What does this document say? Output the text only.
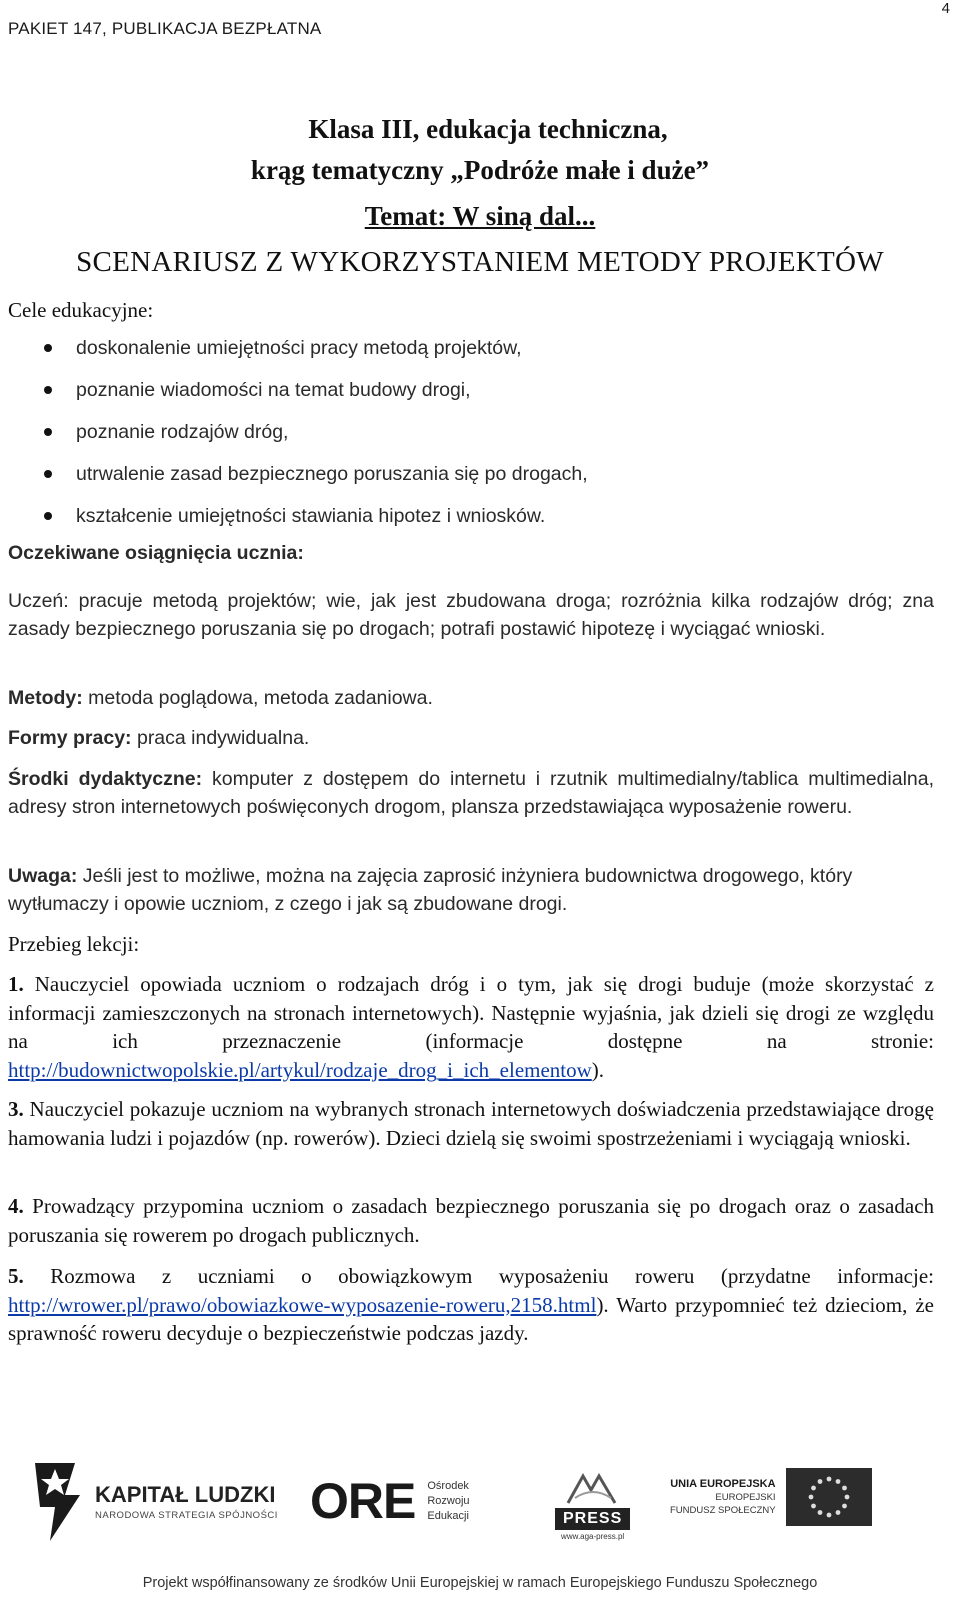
PAKIET 147, PUBLIKACJA BEZPŁATNA
4
Klasa III, edukacja techniczna,
krąg tematyczny „Podróże małe i duże”
Temat: W siną dal...
SCENARIUSZ Z WYKORZYSTANIEM METODY PROJEKTÓW
Cele edukacyjne:
doskonalenie umiejętności pracy metodą projektów,
poznanie wiadomości na temat budowy drogi,
poznanie rodzajów dróg,
utrwalenie zasad bezpiecznego poruszania się po drogach,
kształcenie umiejętności stawiania hipotez i wniosków.
Oczekiwane osiągnięcia ucznia:
Uczeń: pracuje metodą projektów; wie, jak jest zbudowana droga; rozróżnia kilka rodzajów dróg; zna zasady bezpiecznego poruszania się po drogach; potrafi postawić hipotezę i wyciągać wnioski.
Metody: metoda poglądowa, metoda zadaniowa.
Formy pracy: praca indywidualna.
Środki dydaktyczne: komputer z dostępem do internetu i rzutnik multimedialny/tablica multimedialna, adresy stron internetowych poświęconych drogom, plansza przedstawiająca wyposażenie roweru.
Uwaga: Jeśli jest to możliwe, można na zajęcia zaprosić inżyniera budownictwa drogowego, który wytłumaczy i opowie uczniom, z czego i jak są zbudowane drogi.
Przebieg lekcji:
1. Nauczyciel opowiada uczniom o rodzajach dróg i o tym, jak się drogi buduje (może skorzystać z informacji zamieszczonych na stronach internetowych). Następnie wyjaśnia, jak dzieli się drogi ze względu na ich przeznaczenie (informacje dostępne na stronie: http://budownictwopolskie.pl/artykul/rodzaje_drog_i_ich_elementow).
3. Nauczyciel pokazuje uczniom na wybranych stronach internetowych doświadczenia przedstawiające drogę hamowania ludzi i pojazdów (np. rowerów). Dzieci dzielą się swoimi spostrzeżeniami i wyciągają wnioski.
4. Prowadzący przypomina uczniom o zasadach bezpiecznego poruszania się po drogach oraz o zasadach poruszania się rowerem po drogach publicznych.
5. Rozmowa z uczniami o obowiązkowym wyposażeniu roweru (przydatne informacje: http://wrower.pl/prawo/obowiazkowe-wyposazenie-roweru,2158.html). Warto przypomnieć też dzieciom, że sprawność roweru decyduje o bezpieczeństwie podczas jazdy.
KAPITAŁ LUDZKI
NARODOWA STRATEGIA SPÓJNOŚCI ORE Ośrodek
Rozwoju
Edukacji	PRESS
www.aga-press.pl
UNIA EUROPEJSKA
EUROPEJSKI
FUNDUSZ SPOŁECZNY
Projekt współfinansowany ze środków Unii Europejskiej w ramach Europejskiego Funduszu Społecznego
